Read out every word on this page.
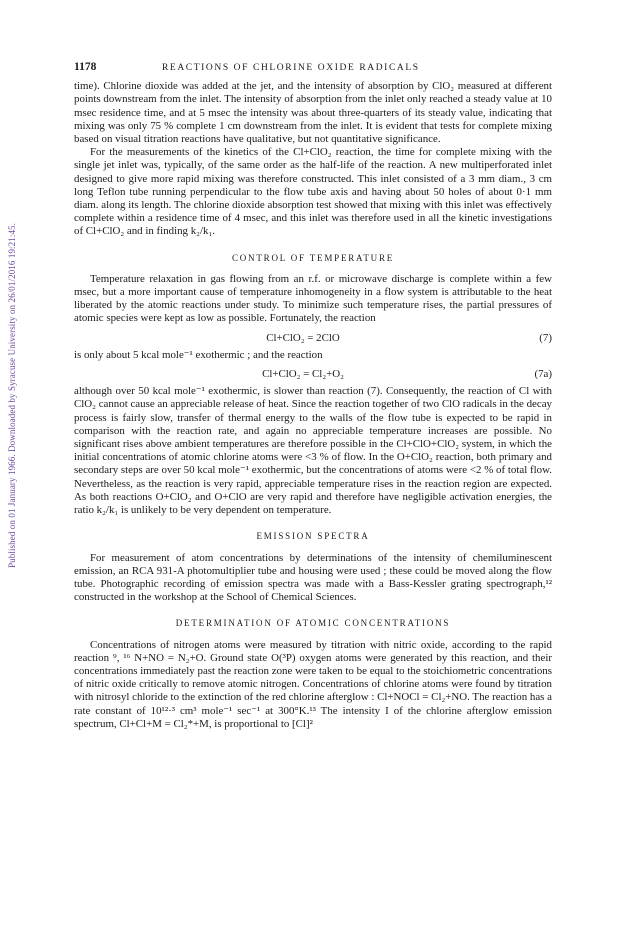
Published on 01 January 1966. Downloaded by Syracuse University on 26/01/2016 19:21:45.
1178	REACTIONS OF CHLORINE OXIDE RADICALS

time). Chlorine dioxide was added at the jet, and the intensity of absorption by ClO₂ measured at different points downstream from the inlet. The intensity of absorption from the inlet only reached a steady value at 10 msec residence time, and at 5 msec the intensity was about three-quarters of its steady value, indicating that mixing was only 75 % complete 1 cm downstream from the inlet. It is evident that tests for complete mixing based on visual titration reactions have qualitative, but not quantitative significance.

For the measurements of the kinetics of the Cl+ClO₂ reaction, the time for complete mixing with the single jet inlet was, typically, of the same order as the half-life of the reaction. A new multiperforated inlet designed to give more rapid mixing was therefore constructed. This inlet consisted of a 3 mm diam., 3 cm long Teflon tube running perpendicular to the flow tube axis and having about 50 holes of about 0·1 mm diam. along its length. The chlorine dioxide absorption test showed that mixing with this inlet was effectively complete within a residence time of 4 msec, and this inlet was therefore used in all the kinetic investigations of Cl+ClO₂ and in finding k₂/k₁.

CONTROL OF TEMPERATURE

Temperature relaxation in gas flowing from an r.f. or microwave discharge is complete within a few msec, but a more important cause of temperature inhomogeneity in a flow system is attributable to the heat liberated by the atomic reactions under study. To minimize such temperature rises, the partial pressures of atomic species were kept as low as possible. Fortunately, the reaction

Cl+ClO₂ = 2ClO	(7)

is only about 5 kcal mole⁻¹ exothermic ; and the reaction

Cl+ClO₂ = Cl₂+O₂	(7a)

although over 50 kcal mole⁻¹ exothermic, is slower than reaction (7). Consequently, the reaction of Cl with ClO₂ cannot cause an appreciable release of heat. Since the reaction together of two ClO radicals in the decay process is fairly slow, transfer of thermal energy to the walls of the flow tube is expected to be rapid in comparison with the reaction rate, and again no appreciable temperature increases are possible. No significant rises above ambient temperatures are therefore possible in the Cl+ClO+ClO₂ system, in which the initial concentrations of atomic chlorine atoms were <3 % of flow. In the O+ClO₂ reaction, both primary and secondary steps are over 50 kcal mole⁻¹ exothermic, but the concentrations of atoms were <2 % of total flow. Nevertheless, as the reaction is very rapid, appreciable temperature rises in the reaction region are expected. As both reactions O+ClO₂ and O+ClO are very rapid and therefore have negligible activation energies, the ratio k₂/k₁ is unlikely to be very dependent on temperature.

EMISSION SPECTRA

For measurement of atom concentrations by determinations of the intensity of chemiluminescent emission, an RCA 931-A photomultiplier tube and housing were used ; these could be moved along the flow tube. Photographic recording of emission spectra was made with a Bass-Kessler grating spectrograph,¹² constructed in the workshop at the School of Chemical Sciences.

DETERMINATION OF ATOMIC CONCENTRATIONS

Concentrations of nitrogen atoms were measured by titration with nitric oxide, according to the rapid reaction ⁹, ¹⁶ N+NO = N₂+O. Ground state O(³P) oxygen atoms were generated by this reaction, and their concentrations immediately past the reaction zone were taken to be equal to the stoichiometric concentrations of nitric oxide critically to remove atomic nitrogen. Concentrations of chlorine atoms were found by titration with nitrosyl chloride to the extinction of the red chlorine afterglow : Cl+NOCl = Cl₂+NO. The reaction has a rate constant of 10¹²·³ cm³ mole⁻¹ sec⁻¹ at 300°K.¹³ The intensity I of the chlorine afterglow emission spectrum, Cl+Cl+M = Cl₂*+M, is proportional to [Cl]²
